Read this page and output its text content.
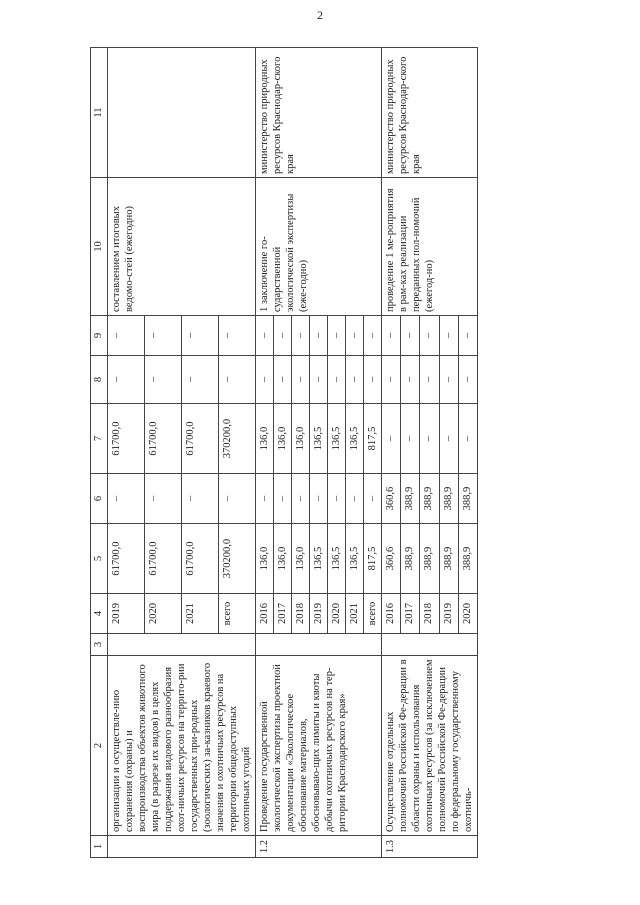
2
1	2	3	4	5	6	7	8	9	10	11
	организации и осуществле-нию сохранения (охраны) и воспроизводства объектов животного мира (в разрезе их видов) в целях поддержания видового разнообразия охот-ничьих ресурсов на террито-рии государственных при-родных (зоологических) за-казников краевого значения и охотничьих ресурсов на территории общедоступных охотничьих угодий		2019	61700,0	–	61700,0	–	–	составлением итоговых ведомо-стей (ежегодно)	
			2020	61700,0	–	61700,0	–	–		
			2021	61700,0	–	61700,0	–	–		
			всего	370200,0	–	370200,0	–	–		
1.2	Проведение государственной экологической экспертизы проектной документации «Экологическое обоснование материалов, обосновываю-щих лимиты и квоты добычи охотничьих ресурсов на тер-ритории Краснодарского края»		2016	136,0	–	136,0	–	–	1 заключение го-сударственной экологической экспертизы (еже-годно)	министерство природных ресурсов Краснодар-ского края
			2017	136,0	–	136,0	–	–		
			2018	136,0	–	136,0	–	–		
			2019	136,5	–	136,5	–	–		
			2020	136,5	–	136,5	–	–		
			2021	136,5	–	136,5	–	–		
			всего	817,5	–	817,5	–	–		
1.3	Осуществление отдельных полномочий Российской Фе-дерации в области охраны и использования охотничьих ресурсов (за исключением полномочий Российской Фе-дерации по федеральному государственному охотничь-		2016	360,6	360,6	–	–	–	проведение 1 ме-роприятия в рам-ках реализации переданных пол-номочий (ежегод-но)	министерство природных ресурсов Краснодар-ского края
			2017	388,9	388,9	–	–	–		
			2018	388,9	388,9	–	–	–		
			2019	388,9	388,9	–	–	–		
			2020	388,9	388,9	–	–	–		
